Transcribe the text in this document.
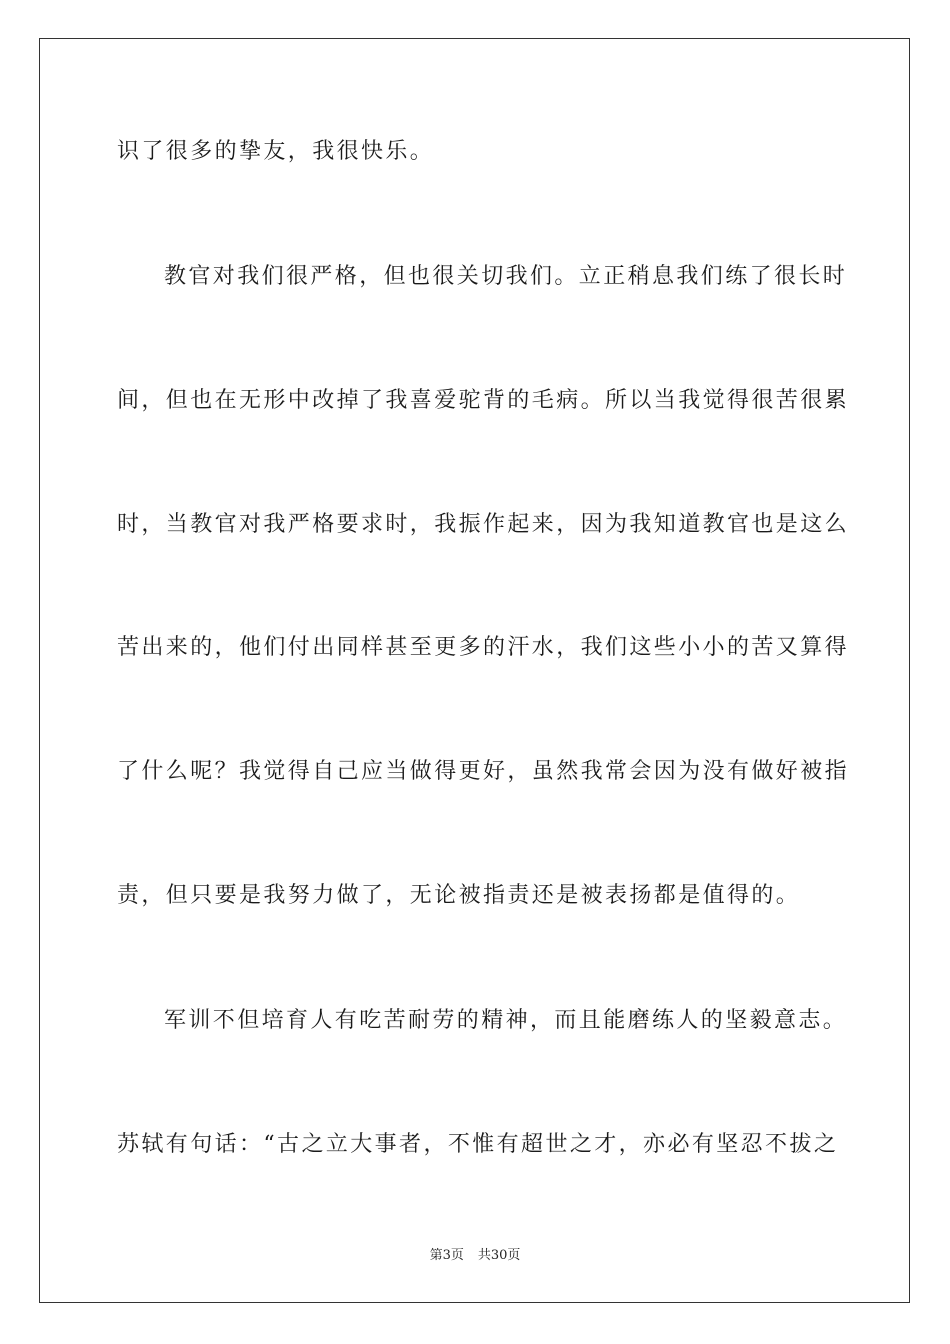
识了很多的挚友，我很快乐。
教官对我们很严格，但也很关切我们。立正稍息我们练了很长时
间，但也在无形中改掉了我喜爱驼背的毛病。所以当我觉得很苦很累
时，当教官对我严格要求时，我振作起来，因为我知道教官也是这么
苦出来的，他们付出同样甚至更多的汗水，我们这些小小的苦又算得
了什么呢？我觉得自己应当做得更好，虽然我常会因为没有做好被指
责，但只要是我努力做了，无论被指责还是被表扬都是值得的。
军训不但培育人有吃苦耐劳的精神，而且能磨练人的坚毅意志。
苏轼有句话：“古之立大事者，不惟有超世之才，亦必有坚忍不拔之
第3页 共30页
